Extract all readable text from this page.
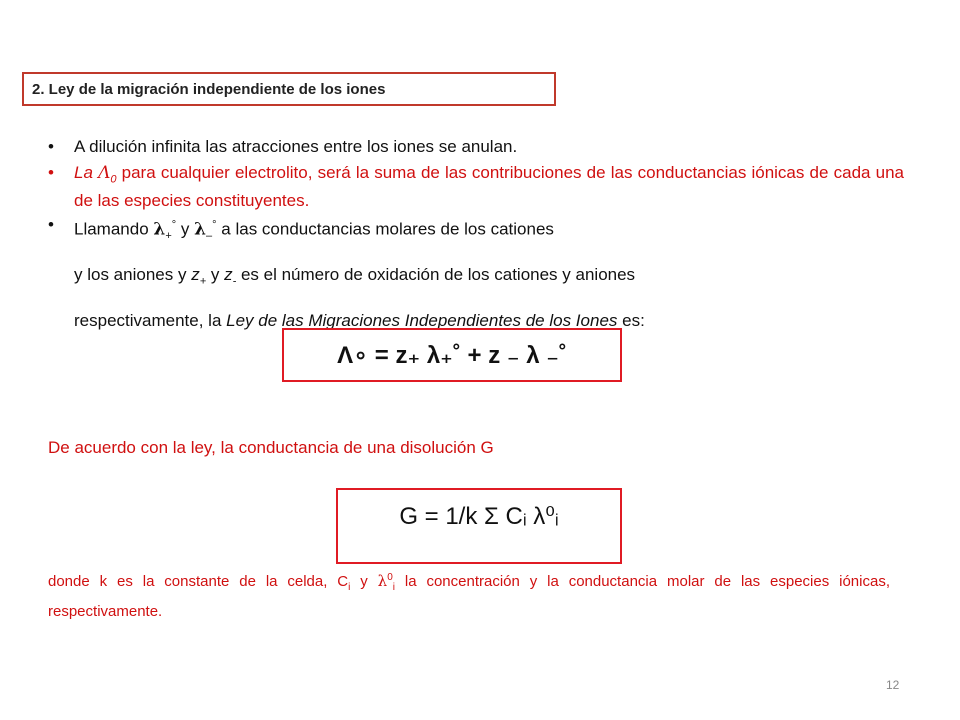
2. Ley de la migración independiente de los iones

• A dilución infinita las atracciones entre los iones se anulan.

• La $\Lambda_0$ para cualquier electrolito, será la suma de las contribuciones de las conductancias iónicas de cada una de las especies constituyentes.

• Llamando $\lambda_+^\circ$ y $\lambda_-^\circ$ a las conductancias molares de los cationes

y los aniones y $z_+$ y $z_-$ es el número de oxidación de los cationes y aniones

respectivamente, la Ley de las Migraciones Independientes de los Iones es:

Λ∘ = z₊ λ₊˚ + z ₋ λ ₋˚
De acuerdo con la ley, la conductancia de una disolución G
G = 1/k Σ Cᵢ λ⁰ᵢ
donde k es la constante de la celda, $C_i$ y $\lambda^0_i$ la concentración y la conductancia molar de las especies iónicas, respectivamente.
12
